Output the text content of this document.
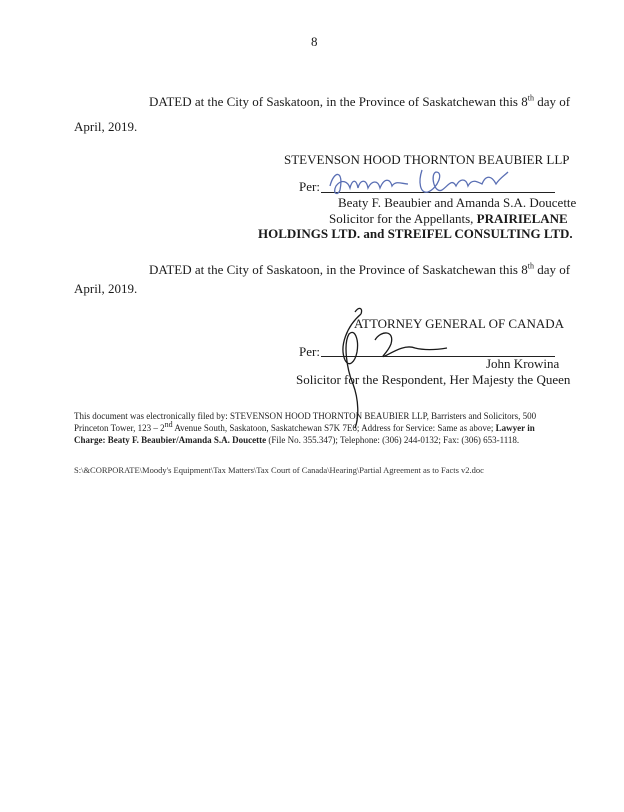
8
DATED at the City of Saskatoon, in the Province of Saskatchewan this 8th day of
April, 2019.
STEVENSON HOOD THORNTON BEAUBIER LLP
Per:
Beaty F. Beaubier and Amanda S.A. Doucette
Solicitor for the Appellants, PRAIRIELANE
HOLDINGS LTD. and STREIFEL CONSULTING LTD.
DATED at the City of Saskatoon, in the Province of Saskatchewan this 8th day of
April, 2019.
ATTORNEY GENERAL OF CANADA
Per:
John Krowina
Solicitor for the Respondent, Her Majesty the Queen
This document was electronically filed by: STEVENSON HOOD THORNTON BEAUBIER LLP, Barristers and Solicitors, 500
Princeton Tower, 123 – 2nd Avenue South, Saskatoon, Saskatchewan S7K 7E6; Address for Service: Same as above; Lawyer in
Charge: Beaty F. Beaubier/Amanda S.A. Doucette (File No. 355.347); Telephone: (306) 244-0132; Fax: (306) 653-1118.
S:\&CORPORATE\Moody's Equipment\Tax Matters\Tax Court of Canada\Hearing\Partial Agreement as to Facts v2.doc
